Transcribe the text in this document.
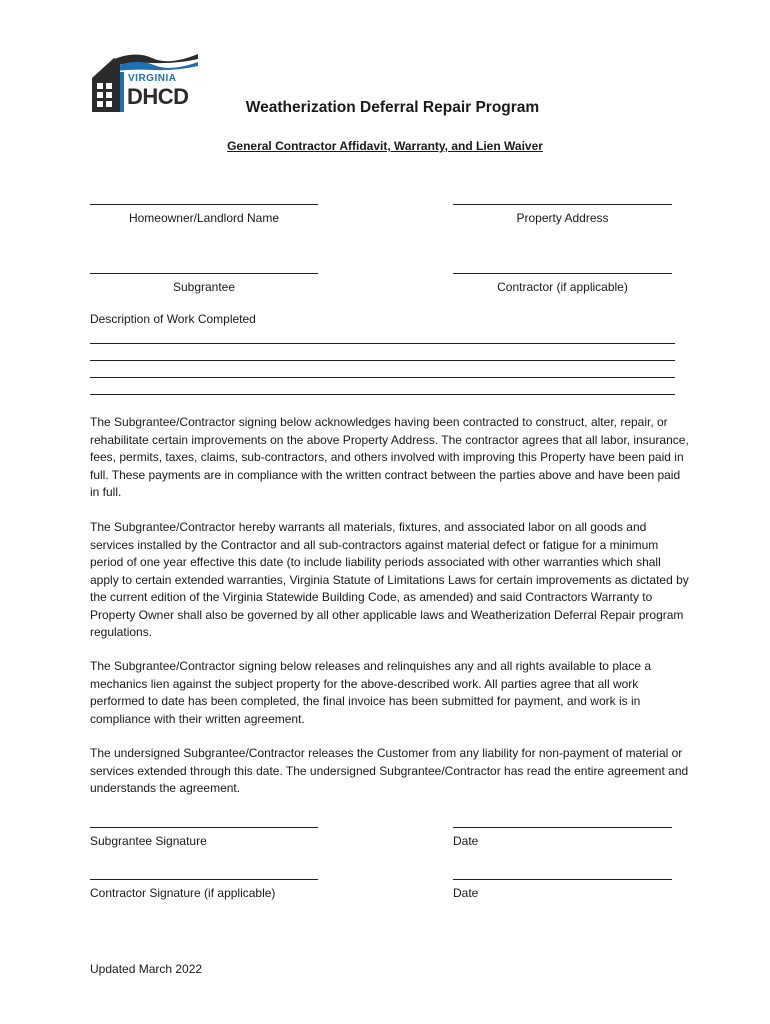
VIRGINIA
DHCD	Weatherization Deferral Repair Program
General Contractor Affidavit, Warranty, and Lien Waiver
Homeowner/Landlord Name	Property Address
Subgrantee	Contractor (if applicable)
Description of Work Completed
The Subgrantee/Contractor signing below acknowledges having been contracted to construct, alter, repair, or rehabilitate certain improvements on the above Property Address. The contractor agrees that all labor, insurance, fees, permits, taxes, claims, sub-contractors, and others involved with improving this Property have been paid in full. These payments are in compliance with the written contract between the parties above and have been paid in full.
The Subgrantee/Contractor hereby warrants all materials, fixtures, and associated labor on all goods and services installed by the Contractor and all sub-contractors against material defect or fatigue for a minimum period of one year effective this date (to include liability periods associated with other warranties which shall apply to certain extended warranties, Virginia Statute of Limitations Laws for certain improvements as dictated by the current edition of the Virginia Statewide Building Code, as amended) and said Contractors Warranty to Property Owner shall also be governed by all other applicable laws and Weatherization Deferral Repair program regulations.
The Subgrantee/Contractor signing below releases and relinquishes any and all rights available to place a mechanics lien against the subject property for the above-described work. All parties agree that all work performed to date has been completed, the final invoice has been submitted for payment, and work is in compliance with their written agreement.
The undersigned Subgrantee/Contractor releases the Customer from any liability for non-payment of material or services extended through this date. The undersigned Subgrantee/Contractor has read the entire agreement and understands the agreement.
Subgrantee Signature	Date
Contractor Signature (if applicable)	Date
Updated March 2022
